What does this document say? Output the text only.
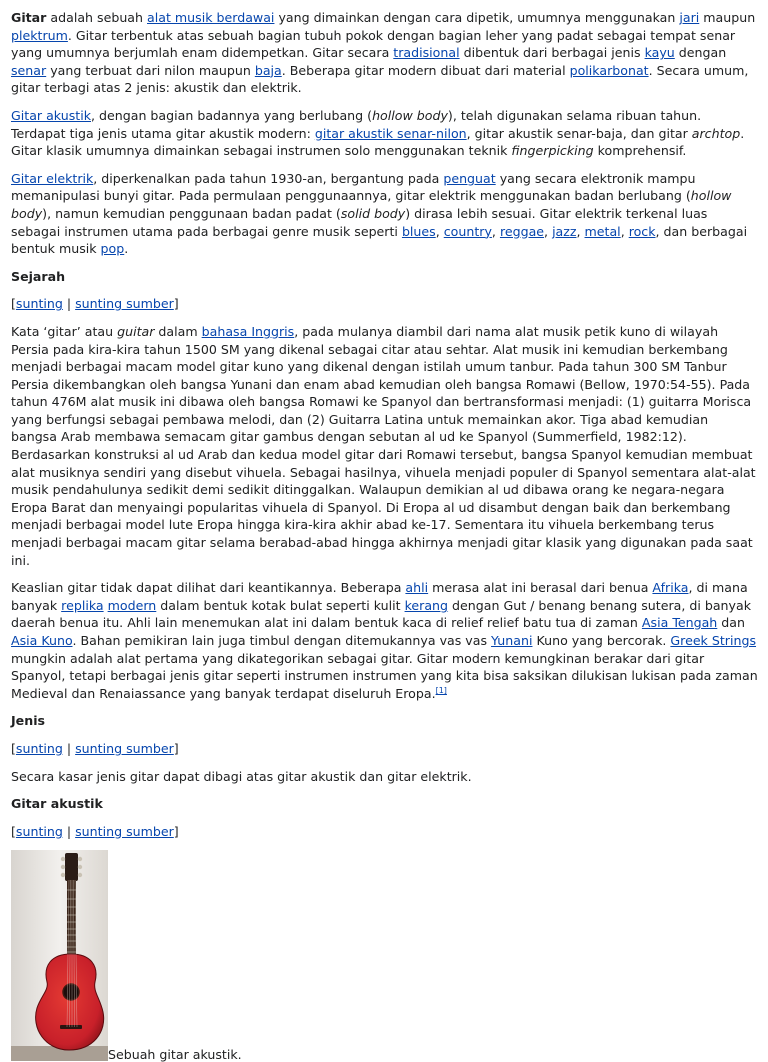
Gitar adalah sebuah alat musik berdawai yang dimainkan dengan cara dipetik, umumnya menggunakan jari maupun plektrum. Gitar terbentuk atas sebuah bagian tubuh pokok dengan bagian leher yang padat sebagai tempat senar yang umumnya berjumlah enam didempetkan. Gitar secara tradisional dibentuk dari berbagai jenis kayu dengan senar yang terbuat dari nilon maupun baja. Beberapa gitar modern dibuat dari material polikarbonat. Secara umum, gitar terbagi atas 2 jenis: akustik dan elektrik.

Gitar akustik, dengan bagian badannya yang berlubang (hollow body), telah digunakan selama ribuan tahun. Terdapat tiga jenis utama gitar akustik modern: gitar akustik senar-nilon, gitar akustik senar-baja, dan gitar archtop. Gitar klasik umumnya dimainkan sebagai instrumen solo menggunakan teknik fingerpicking komprehensif.

Gitar elektrik, diperkenalkan pada tahun 1930-an, bergantung pada penguat yang secara elektronik mampu memanipulasi bunyi gitar. Pada permulaan penggunaannya, gitar elektrik menggunakan badan berlubang (hollow body), namun kemudian penggunaan badan padat (solid body) dirasa lebih sesuai. Gitar elektrik terkenal luas sebagai instrumen utama pada berbagai genre musik seperti blues, country, reggae, jazz, metal, rock, dan berbagai bentuk musik pop.

Sejarah
[sunting | sunting sumber]

Kata ‘gitar’ atau guitar dalam bahasa Inggris, pada mulanya diambil dari nama alat musik petik kuno di wilayah Persia pada kira-kira tahun 1500 SM yang dikenal sebagai citar atau sehtar. Alat musik ini kemudian berkembang menjadi berbagai macam model gitar kuno yang dikenal dengan istilah umum tanbur. Pada tahun 300 SM Tanbur Persia dikembangkan oleh bangsa Yunani dan enam abad kemudian oleh bangsa Romawi (Bellow, 1970:54-55). Pada tahun 476M alat musik ini dibawa oleh bangsa Romawi ke Spanyol dan bertransformasi menjadi: (1) guitarra Morisca yang berfungsi sebagai pembawa melodi, dan (2) Guitarra Latina untuk memainkan akor. Tiga abad kemudian bangsa Arab membawa semacam gitar gambus dengan sebutan al ud ke Spanyol (Summerfield, 1982:12). Berdasarkan konstruksi al ud Arab dan kedua model gitar dari Romawi tersebut, bangsa Spanyol kemudian membuat alat musiknya sendiri yang disebut vihuela. Sebagai hasilnya, vihuela menjadi populer di Spanyol sementara alat-alat musik pendahulunya sedikit demi sedikit ditinggalkan. Walaupun demikian al ud dibawa orang ke negara-negara Eropa Barat dan menyaingi popularitas vihuela di Spanyol. Di Eropa al ud disambut dengan baik dan berkembang menjadi berbagai model lute Eropa hingga kira-kira akhir abad ke-17. Sementara itu vihuela berkembang terus menjadi berbagai macam gitar selama berabad-abad hingga akhirnya menjadi gitar klasik yang digunakan pada saat ini.

Keaslian gitar tidak dapat dilihat dari keantikannya. Beberapa ahli merasa alat ini berasal dari benua Afrika, di mana banyak replika modern dalam bentuk kotak bulat seperti kulit kerang dengan Gut / benang benang sutera, di banyak daerah benua itu. Ahli lain menemukan alat ini dalam bentuk kaca di relief relief batu tua di zaman Asia Tengah dan Asia Kuno. Bahan pemikiran lain juga timbul dengan ditemukannya vas vas Yunani Kuno yang bercorak. Greek Strings mungkin adalah alat pertama yang dikategorikan sebagai gitar. Gitar modern kemungkinan berakar dari gitar Spanyol, tetapi berbagai jenis gitar seperti instrumen instrumen yang kita bisa saksikan dilukisan lukisan pada zaman Medieval dan Renaiassance yang banyak terdapat diseluruh Eropa.[1]

Jenis
[sunting | sunting sumber]

Secara kasar jenis gitar dapat dibagi atas gitar akustik dan gitar elektrik.

Gitar akustik
[sunting | sunting sumber]
Sebuah gitar akustik.
